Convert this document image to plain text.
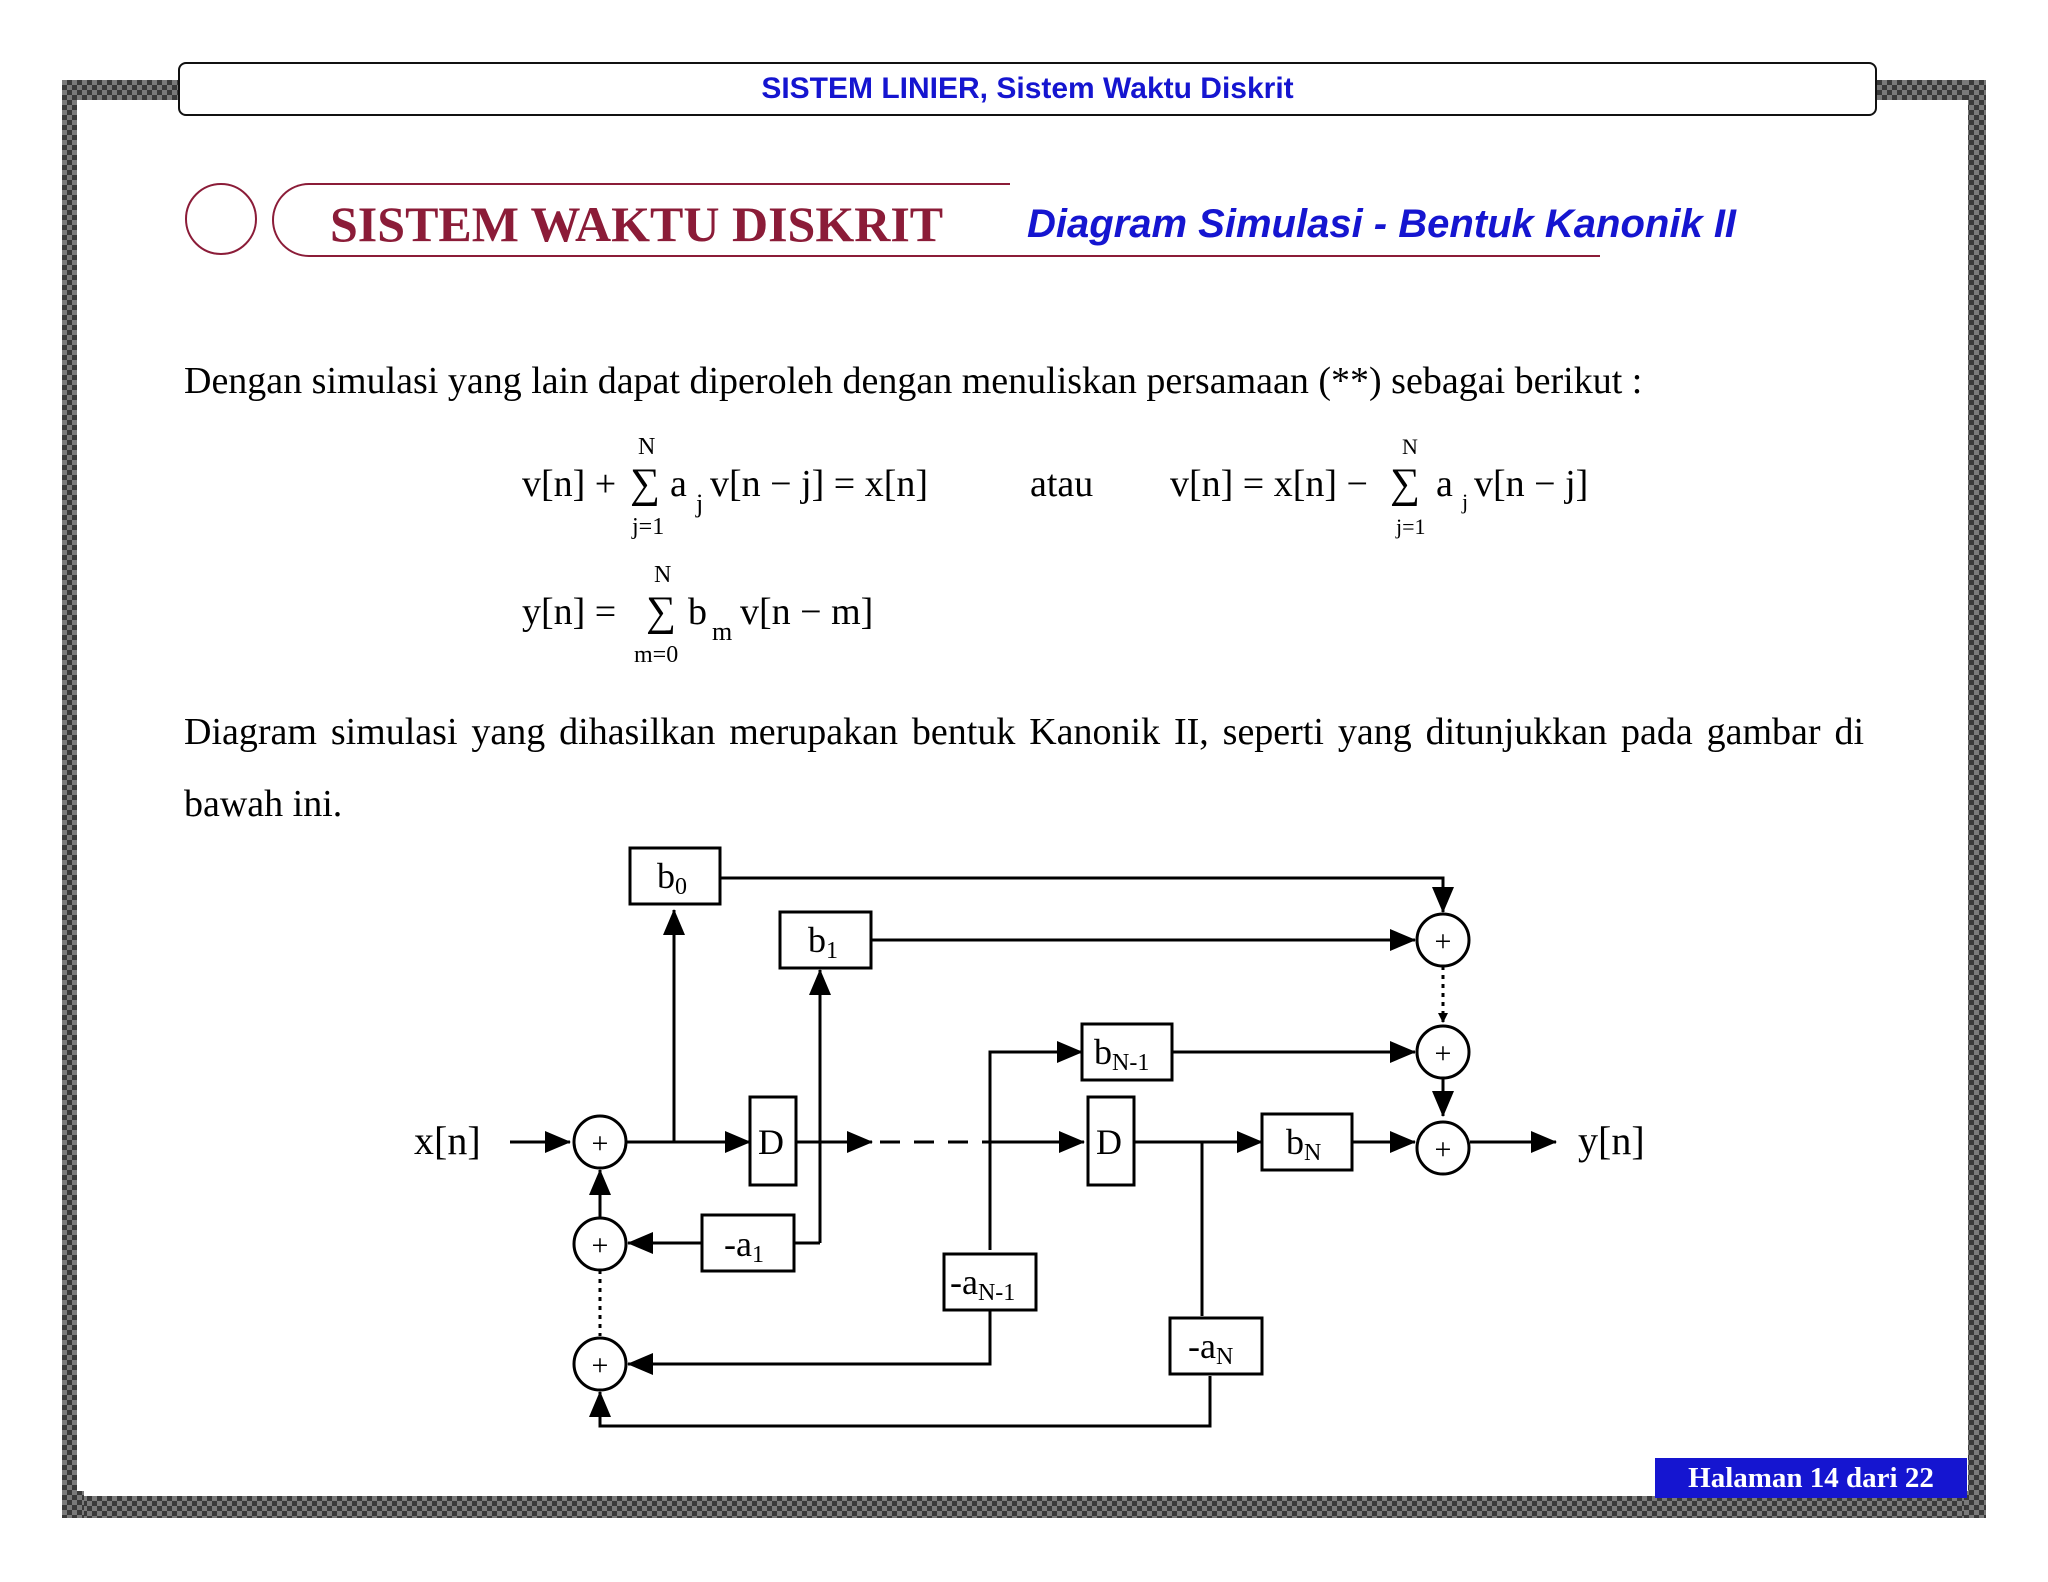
SISTEM LINIER, Sistem Waktu Diskrit
SISTEM WAKTU DISKRIT Diagram Simulasi - Bentuk Kanonik II
Dengan simulasi yang lain dapat diperoleh dengan menuliskan persamaan (**) sebagai berikut :
v[n] +
N
∑
j=1
a j v[n − j] = x[n]	atau v[n] = x[n] −
N
∑
j=1
a j v[n − j]
y[n] =
N
∑
m=0
b m v[n − m]
Diagram simulasi yang dihasilkan merupakan bentuk Kanonik II, seperti yang ditunjukkan pada gambar di bawah ini.
+
+
+
+
+
+
b0
b1
bN-1
bN
D	D
-a1
-aN-1
-aN
x[n]	y[n]
Halaman 14 dari 22
